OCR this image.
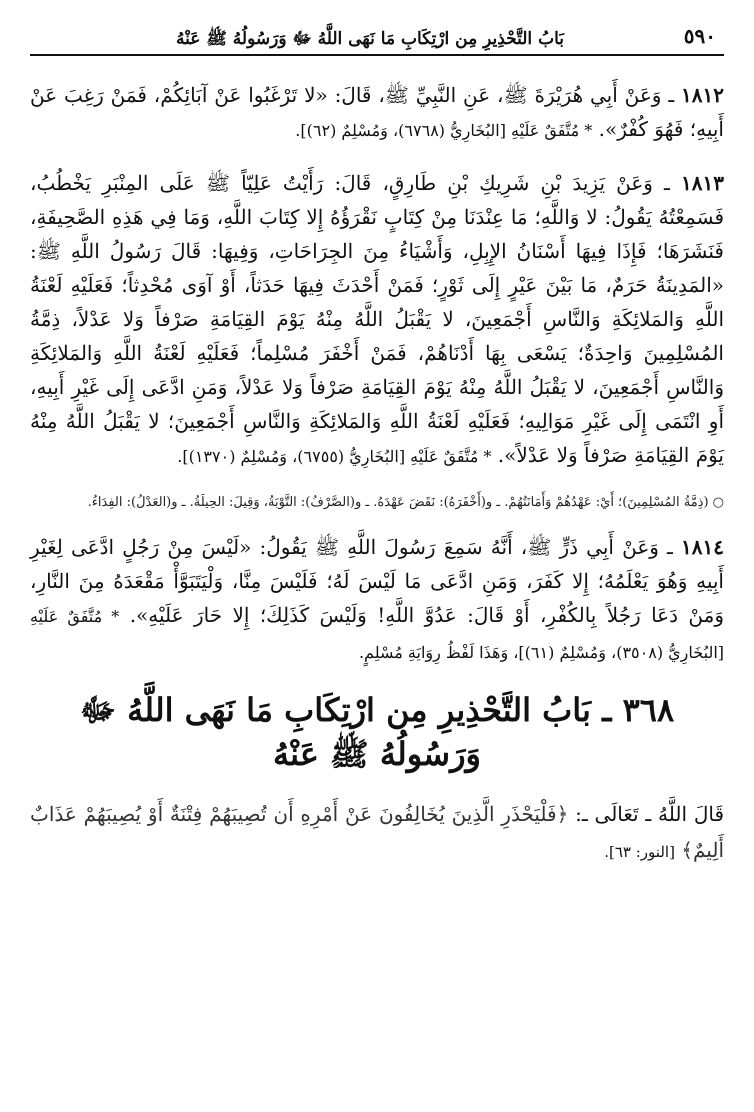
بَابُ التَّحْذِيرِ مِن ارْتِكَابِ مَا نَهَى اللَّهُ ﷻ وَرَسُولُهُ ﷺ عَنْهُ	٥٩٠

١٨١٢ ـ وَعَنْ أَبِي هُرَيْرَةَ ﷺ، عَنِ النَّبِيِّ ﷺ، قَالَ: «لا تَرْغَبُوا عَنْ آبَائِكُمْ، فَمَنْ رَغِبَ عَنْ أَبِيهِ؛ فَهُوَ كُفْرٌ». * مُتَّفَقٌ عَلَيْهِ [البُخَارِيُّ (٦٧٦٨)، وَمُسْلِمٌ (٦٢)].

١٨١٣ ـ وَعَنْ يَزِيدَ بْنِ شَرِيكِ بْنِ طَارِقٍ، قَالَ: رَأَيْتُ عَلِيّاً ﷺ عَلَى المِنْبَرِ يَخْطُبُ، فَسَمِعْتُهُ يَقُولُ: لا وَاللَّهِ؛ مَا عِنْدَنَا مِنْ كِتَابٍ نَقْرَؤُهُ إِلا كِتَابَ اللَّهِ، وَمَا فِي هَذِهِ الصَّحِيفَةِ، فَنَشَرَهَا؛ فَإِذَا فِيهَا أَسْنَانُ الإِبِلِ، وَأَشْيَاءُ مِنَ الجِرَاحَاتِ، وَفِيهَا: قَالَ رَسُولُ اللَّهِ ﷺ: «المَدِينَةُ حَرَمٌ، مَا بَيْنَ عَيْرٍ إِلَى ثَوْرٍ؛ فَمَنْ أَحْدَثَ فِيهَا حَدَثاً، أَوْ آوَى مُحْدِثاً؛ فَعَلَيْهِ لَعْنَةُ اللَّهِ وَالمَلائِكَةِ وَالنَّاسِ أَجْمَعِينَ، لا يَقْبَلُ اللَّهُ مِنْهُ يَوْمَ القِيَامَةِ صَرْفاً وَلا عَدْلاً، ذِمَّةُ المُسْلِمِينَ وَاحِدَةٌ؛ يَسْعَى بِهَا أَدْنَاهُمْ، فَمَنْ أَخْفَرَ مُسْلِماً؛ فَعَلَيْهِ لَعْنَةُ اللَّهِ وَالمَلائِكَةِ وَالنَّاسِ أَجْمَعِينَ، لا يَقْبَلُ اللَّهُ مِنْهُ يَوْمَ القِيَامَةِ صَرْفاً وَلا عَدْلاً، وَمَنِ ادَّعَى إِلَى غَيْرِ أَبِيهِ، أَوِ انْتَمَى إِلَى غَيْرِ مَوَالِيهِ؛ فَعَلَيْهِ لَعْنَةُ اللَّهِ وَالمَلائِكَةِ وَالنَّاسِ أَجْمَعِينَ؛ لا يَقْبَلُ اللَّهُ مِنْهُ يَوْمَ القِيَامَةِ صَرْفاً وَلا عَدْلاً». * مُتَّفَقٌ عَلَيْهِ [البُخَارِيُّ (٦٧٥٥)، وَمُسْلِمٌ (١٣٧٠)].

○ (ذِمَّةُ المُسْلِمِينَ)؛ أَيْ: عَهْدُهُمْ وَأَمَانَتُهُمْ. ـ و(أَخْفَرَهُ): نَقَضَ عَهْدَهُ. ـ و(الصَّرْفُ): التَّوْبَةُ، وَقِيلَ: الحِيلَةُ. ـ و(العَدْلُ): الفِدَاءُ.

١٨١٤ ـ وَعَنْ أَبِي ذَرٍّ ﷺ، أَنَّهُ سَمِعَ رَسُولَ اللَّهِ ﷺ يَقُولُ: «لَيْسَ مِنْ رَجُلٍ ادَّعَى لِغَيْرِ أَبِيهِ وَهُوَ يَعْلَمُهُ؛ إِلا كَفَرَ، وَمَنِ ادَّعَى مَا لَيْسَ لَهُ؛ فَلَيْسَ مِنَّا، وَلْيَتَبَوَّأْ مَقْعَدَهُ مِنَ النَّارِ، وَمَنْ دَعَا رَجُلاً بِالكُفْرِ، أَوْ قَالَ: عَدُوَّ اللَّهِ! وَلَيْسَ كَذَلِكَ؛ إِلا حَارَ عَلَيْهِ». * مُتَّفَقٌ عَلَيْهِ [البُخَارِيُّ (٣٥٠٨)، وَمُسْلِمٌ (٦١)]، وَهَذَا لَفْظُ رِوَايَةِ مُسْلِمٍ.

٣٦٨ ـ بَابُ التَّحْذِيرِ مِن ارْتِكَابِ مَا نَهَى اللَّهُ ﷻ وَرَسُولُهُ ﷺ عَنْهُ

قَالَ اللَّهُ ـ تَعَالَى ـ: ﴿فَلْيَحْذَرِ الَّذِينَ يُخَالِفُونَ عَنْ أَمْرِهِ أَن تُصِيبَهُمْ فِتْنَةٌ أَوْ يُصِيبَهُمْ عَذَابٌ أَلِيمٌ﴾ [النور: ٦٣].
